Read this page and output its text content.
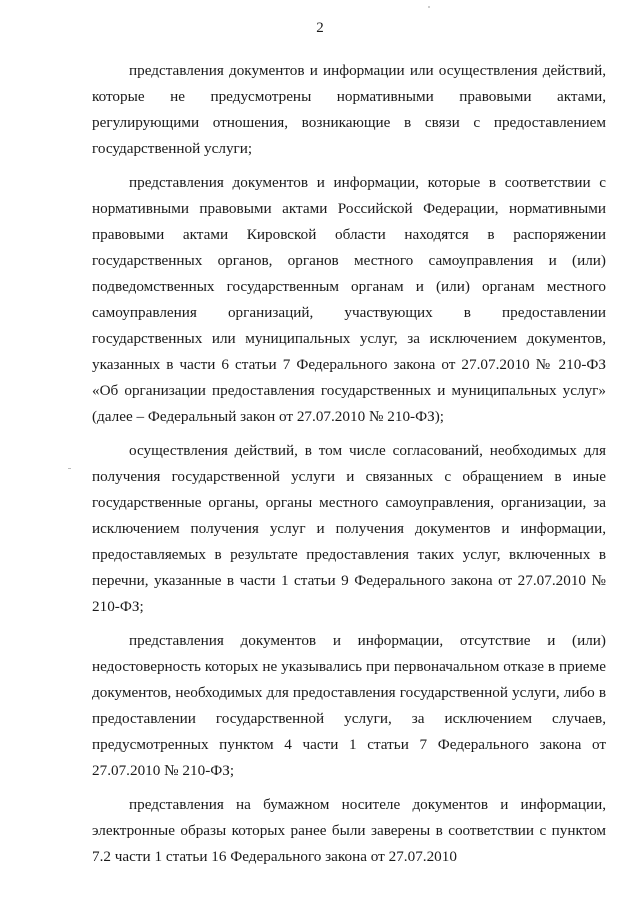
2

представления документов и информации или осуществления действий, которые не предусмотрены нормативными правовыми актами, регулирующими отношения, возникающие в связи с предоставлением государственной услуги;

представления документов и информации, которые в соответствии с нормативными правовыми актами Российской Федерации, нормативными правовыми актами Кировской области находятся в распоряжении государственных органов, органов местного самоуправления и (или) подведомственных государственным органам и (или) органам местного самоуправления организаций, участвующих в предоставлении государственных или муниципальных услуг, за исключением документов, указанных в части 6 статьи 7 Федерального закона от 27.07.2010 № 210-ФЗ «Об организации предоставления государственных и муниципальных услуг» (далее – Федеральный закон от 27.07.2010 № 210-ФЗ);

осуществления действий, в том числе согласований, необходимых для получения государственной услуги и связанных с обращением в иные государственные органы, органы местного самоуправления, организации, за исключением получения услуг и получения документов и информации, предоставляемых в результате предоставления таких услуг, включенных в перечни, указанные в части 1 статьи 9 Федерального закона от 27.07.2010 № 210-ФЗ;

представления документов и информации, отсутствие и (или) недостоверность которых не указывались при первоначальном отказе в приеме документов, необходимых для предоставления государственной услуги, либо в предоставлении государственной услуги, за исключением случаев, предусмотренных пунктом 4 части 1 статьи 7 Федерального закона от 27.07.2010 № 210-ФЗ;

представления на бумажном носителе документов и информации, электронные образы которых ранее были заверены в соответствии с пунктом 7.2 части 1 статьи 16 Федерального закона от 27.07.2010
